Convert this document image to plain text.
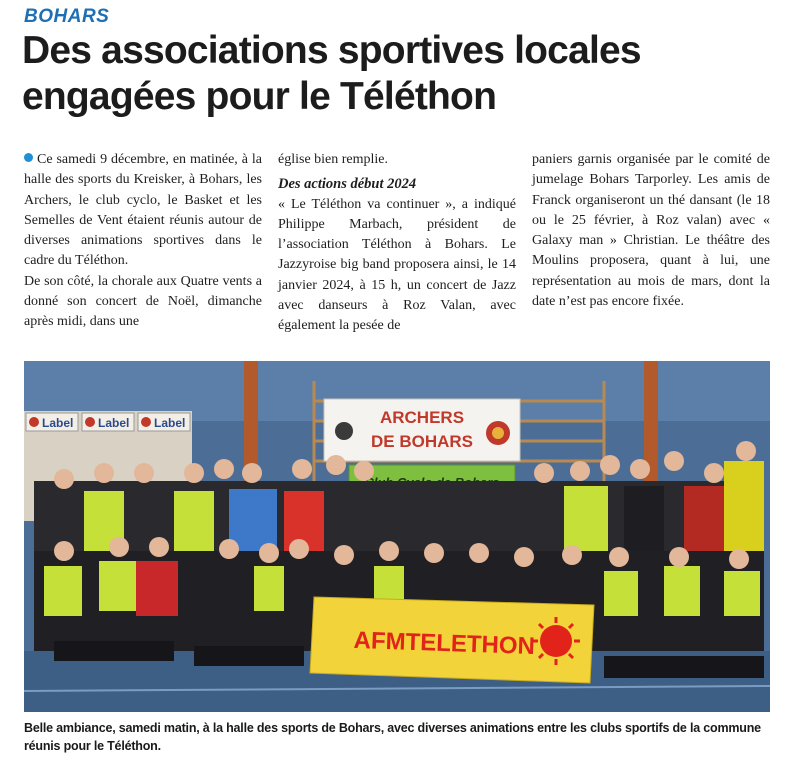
BOHARS
Des associations sportives locales
engagées pour le Téléthon

Ce samedi 9 décembre, en matinée, à la halle des sports du Kreisker, à Bohars, les Archers, le club cyclo, le Basket et les Semelles de Vent étaient réunis autour de diverses animations sportives dans le cadre du Téléthon.

De son côté, la chorale aux Quatre vents a donné son concert de Noël, dimanche après midi, dans une

église bien remplie.

Des actions début 2024

« Le Téléthon va continuer », a indiqué Philippe Marbach, président de l’association Téléthon à Bohars. Le Jazzyroise big band proposera ainsi, le 14 janvier 2024, à 15 h, un concert de Jazz avec danseurs à Roz Valan, avec également la pesée de

paniers garnis organisée par le comité de jumelage Bohars Tarporley. Les amis de Franck organiseront un thé dansant (le 18 ou le 25 février, à Roz valan) avec « Galaxy man » Christian. Le théâtre des Moulins proposera, quant à lui, une représentation au mois de mars, dont la date n’est pas encore fixée.

Label Label Label	ARCHERS
DE BOHARS
AFMTELETHON
Belle ambiance, samedi matin, à la halle des sports de Bohars, avec diverses animations entre les clubs sportifs de la commune réunis pour le Téléthon.
